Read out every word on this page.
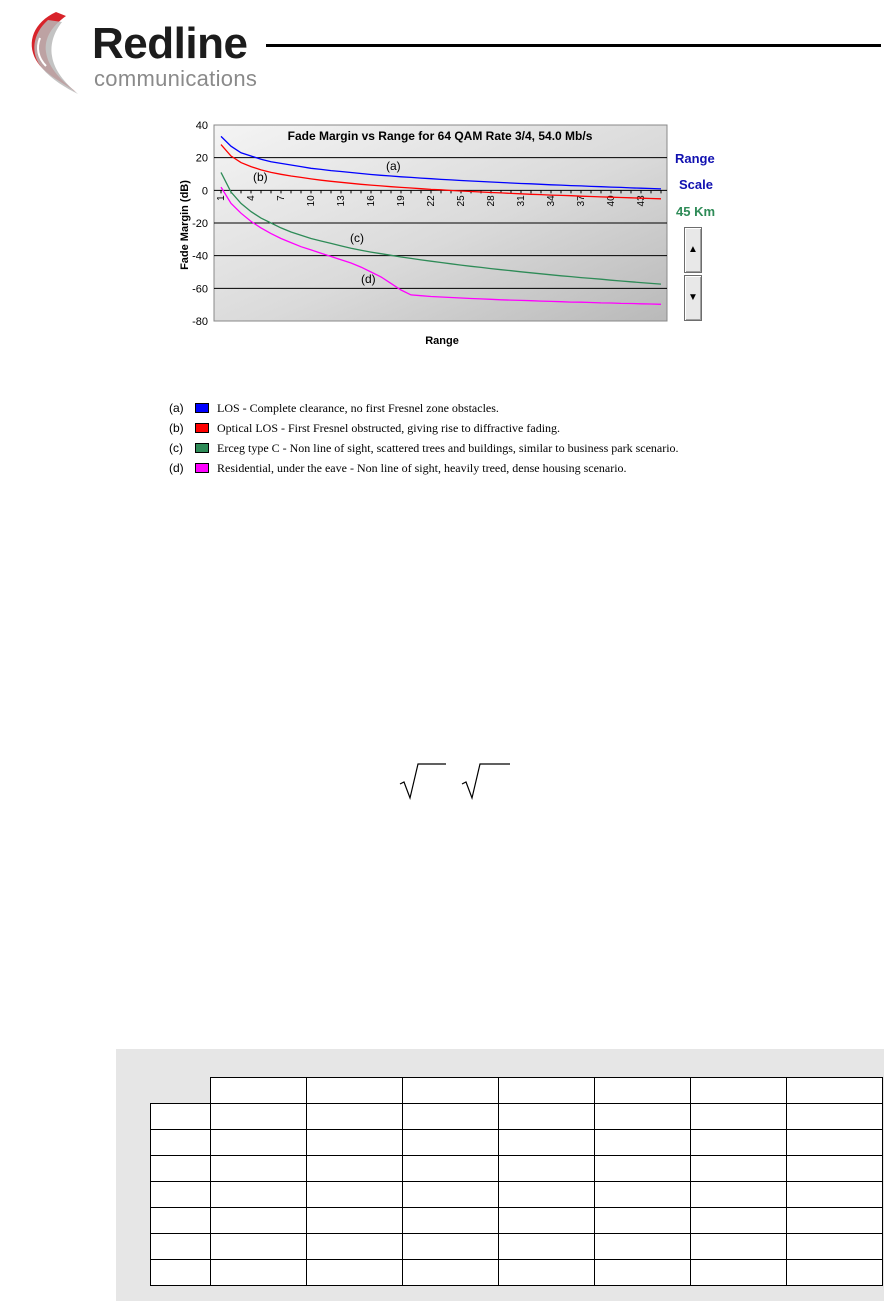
Redline
communications
40
20
0
-20
-40
-60
-80
1 4 7 10 13 16 19 22 25 28 31 34 37 40 43
Fade Margin vs Range for 64 QAM Rate 3/4, 54.0 Mb/s
Range
Fade Margin (dB)
(a)
(b)
(c)
(d)
Range
Scale
45 Km
▲
▼
(a)	LOS - Complete clearance, no first Fresnel zone obstacles.
(b)	Optical LOS - First Fresnel obstructed, giving rise to diffractive fading.
(c)	Erceg type C - Non line of sight, scattered trees and buildings, similar to business park scenario.
(d)	Residential, under the eave - Non line of sight, heavily treed, dense housing scenario.
